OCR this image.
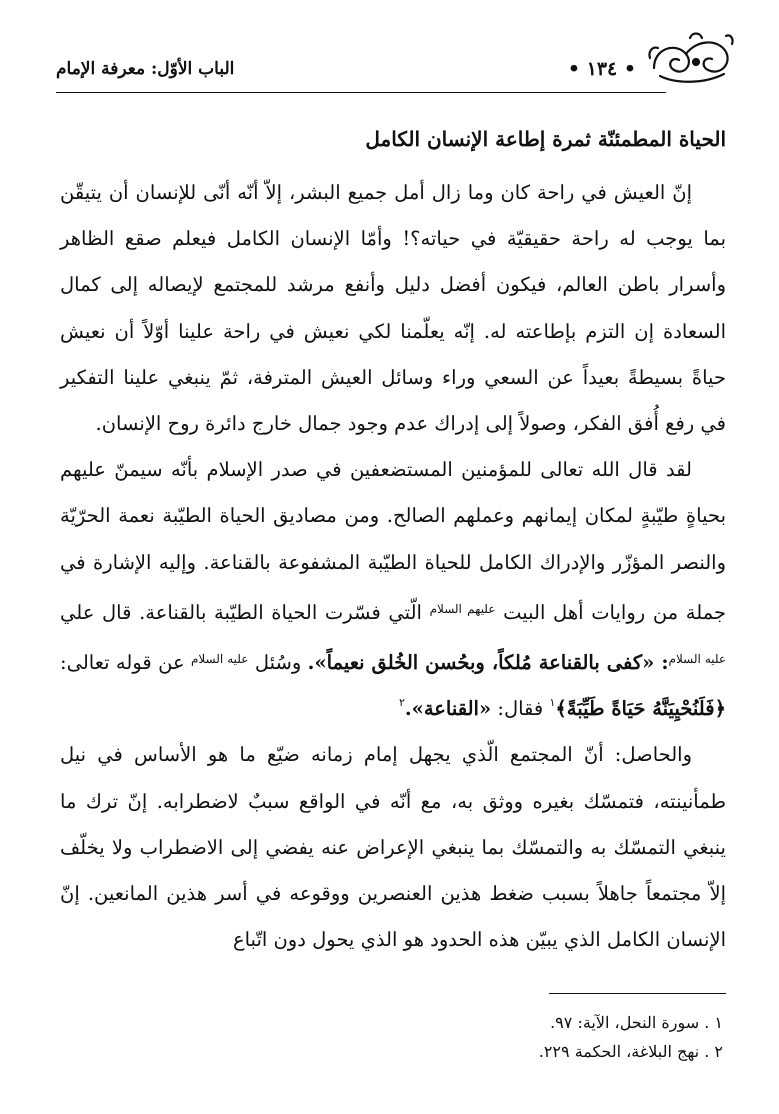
• ١٣٤ •
الباب الأوّل: معرفة الإمام
الحياة المطمئنّة ثمرة إطاعة الإنسان الكامل

إنّ العيش في راحة كان وما زال أمل جميع البشر، إلاّ أنّه أنّى للإنسان أن يتيقّن بما يوجب له راحة حقيقيّة في حياته؟! وأمّا الإنسان الكامل فيعلم صقع الظاهر وأسرار باطن العالم، فيكون أفضل دليل وأنفع مرشد للمجتمع لإيصاله إلى كمال السعادة إن التزم بإطاعته له. إنّه يعلّمنا لكي نعيش في راحة علينا أوّلاً أن نعيش حياةً بسيطةً بعيداً عن السعي وراء وسائل العيش المترفة، ثمّ ينبغي علينا التفكير في رفع أُفق الفكر، وصولاً إلى إدراك عدم وجود جمال خارج دائرة روح الإنسان.

لقد قال الله تعالى للمؤمنين المستضعفين في صدر الإسلام بأنّه سيمنّ عليهم بحياةٍ طيّبةٍ لمكان إيمانهم وعملهم الصالح. ومن مصاديق الحياة الطيّبة نعمة الحرّيّة والنصر المؤزّر والإدراك الكامل للحياة الطيّبة المشفوعة بالقناعة. وإليه الإشارة في جملة من روايات أهل البيت $^{عليهم السلام}$ الّتي فسّرت الحياة الطيّبة بالقناعة. قال علي $^{عليه السلام}$: «كفى بالقناعة مُلكاً، وبحُسن الخُلق نعيماً». وسُئل $^{عليه السلام}$ عن قوله تعالى: ﴿فَلَنُحْيِيَنَّهُ حَيَاةً طَيِّبَةً﴾$^١$ فقال: «القناعة».$^٢$

والحاصل: أنّ المجتمع الّذي يجهل إمام زمانه ضيّع ما هو الأساس في نيل طمأنينته، فتمسّك بغيره ووثق به، مع أنّه في الواقع سببٌ لاضطرابه. إنّ ترك ما ينبغي التمسّك به والتمسّك بما ينبغي الإعراض عنه يفضي إلى الاضطراب ولا يخلّف إلاّ مجتمعاً جاهلاً بسبب ضغط هذين العنصرين ووقوعه في أسر هذين المانعين. إنّ الإنسان الكامل الذي يبيّن هذه الحدود هو الذي يحول دون اتّباع

١ . سورة النحل، الآية: ٩٧.

٢ . نهج البلاغة، الحكمة ٢٢٩.
